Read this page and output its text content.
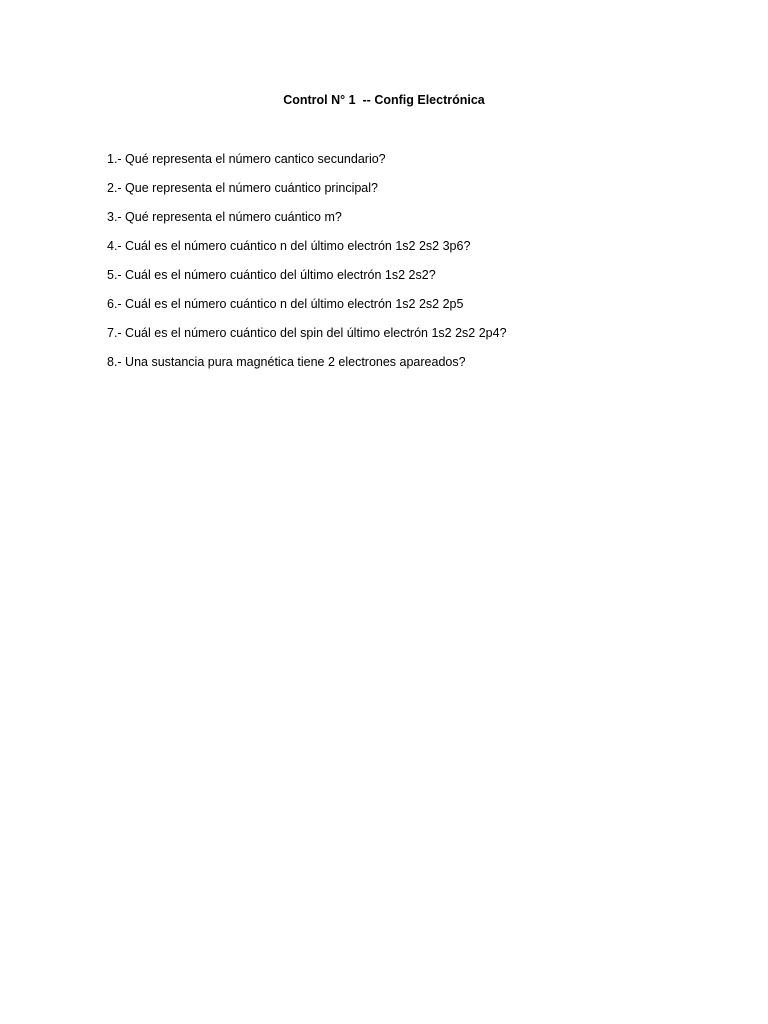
Control N° 1  -- Config Electrónica
1.- Qué representa el número cantico secundario?
2.- Que representa el número cuántico principal?
3.- Qué representa el número cuántico m?
4.- Cuál es el número cuántico n del último electrón 1s2 2s2 3p6?
5.- Cuál es el número cuántico del último electrón 1s2 2s2?
6.- Cuál es el número cuántico n del último electrón 1s2 2s2 2p5
7.- Cuál es el número cuántico del spin del último electrón 1s2 2s2 2p4?
8.- Una sustancia pura magnética tiene 2 electrones apareados?
